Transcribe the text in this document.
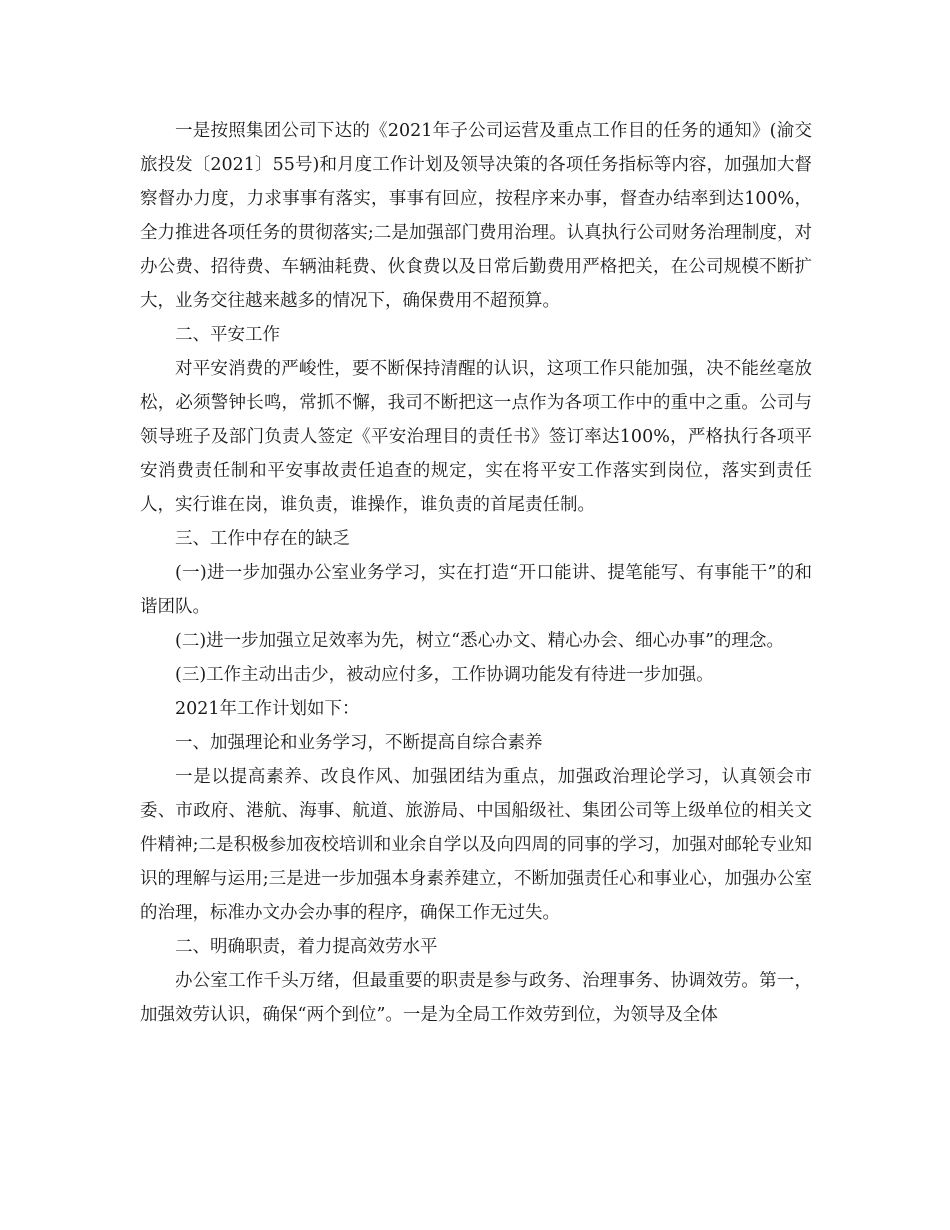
一是按照集团公司下达的《2021年子公司运营及重点工作目的任务的通知》(渝交旅投发〔2021〕55号)和月度工作计划及领导决策的各项任务指标等内容，加强加大督察督办力度，力求事事有落实，事事有回应，按程序来办事，督查办结率到达100%，全力推进各项任务的贯彻落实;二是加强部门费用治理。认真执行公司财务治理制度，对办公费、招待费、车辆油耗费、伙食费以及日常后勤费用严格把关，在公司规模不断扩大，业务交往越来越多的情况下，确保费用不超预算。

二、平安工作

对平安消费的严峻性，要不断保持清醒的认识，这项工作只能加强，决不能丝毫放松，必须警钟长鸣，常抓不懈，我司不断把这一点作为各项工作中的重中之重。公司与领导班子及部门负责人签定《平安治理目的责任书》签订率达100%，严格执行各项平安消费责任制和平安事故责任追查的规定，实在将平安工作落实到岗位，落实到责任人，实行谁在岗，谁负责，谁操作，谁负责的首尾责任制。

三、工作中存在的缺乏

(一)进一步加强办公室业务学习，实在打造“开口能讲、提笔能写、有事能干”的和谐团队。

(二)进一步加强立足效率为先，树立“悉心办文、精心办会、细心办事”的理念。

(三)工作主动出击少，被动应付多，工作协调功能发有待进一步加强。

2021年工作计划如下：

一、加强理论和业务学习，不断提高自综合素养

一是以提高素养、改良作风、加强团结为重点，加强政治理论学习，认真领会市委、市政府、港航、海事、航道、旅游局、中国船级社、集团公司等上级单位的相关文件精神;二是积极参加夜校培训和业余自学以及向四周的同事的学习，加强对邮轮专业知识的理解与运用;三是进一步加强本身素养建立，不断加强责任心和事业心，加强办公室的治理，标准办文办会办事的程序，确保工作无过失。

二、明确职责，着力提高效劳水平

办公室工作千头万绪，但最重要的职责是参与政务、治理事务、协调效劳。第一，加强效劳认识，确保“两个到位”。一是为全局工作效劳到位，为领导及全体
